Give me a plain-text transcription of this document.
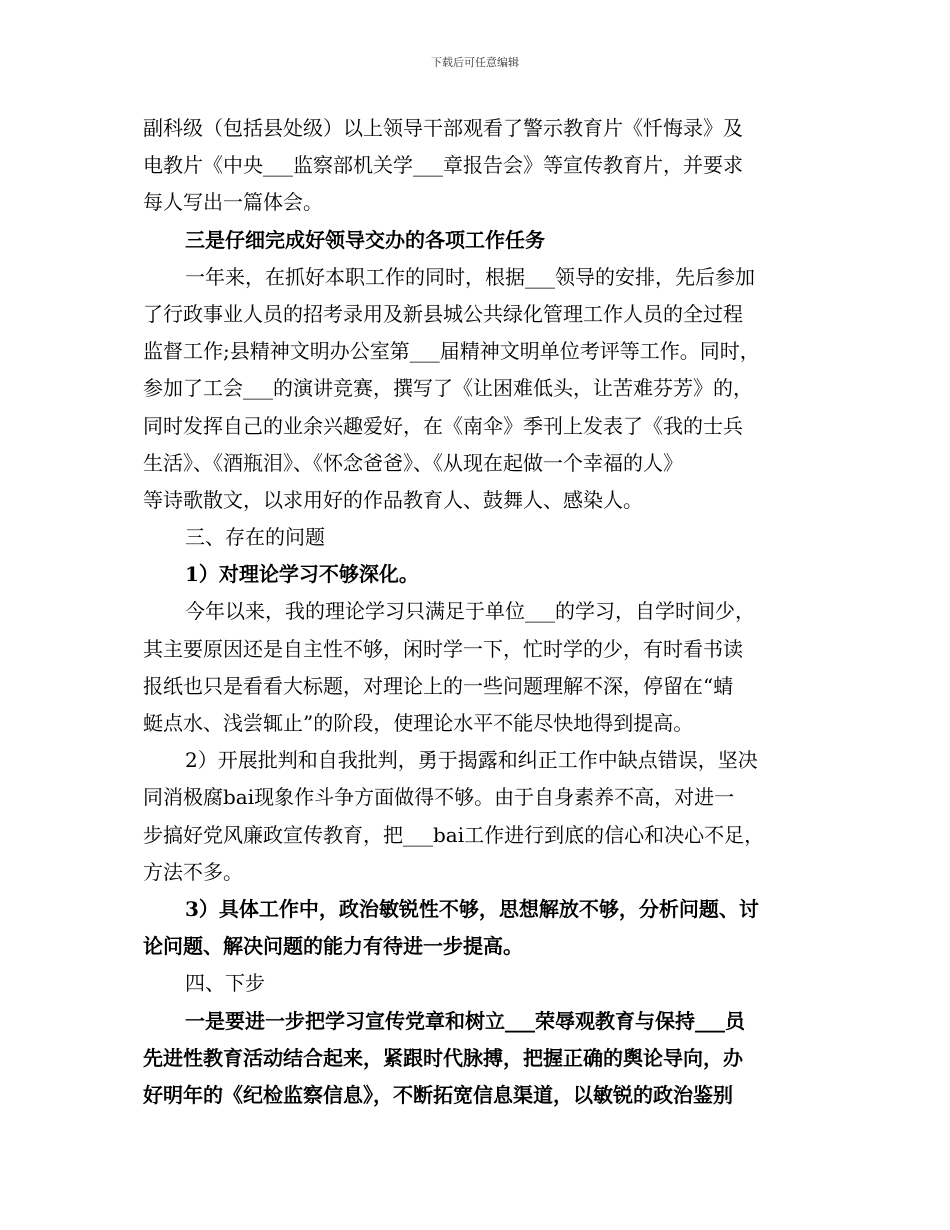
下载后可任意编辑
副科级（包括县处级）以上领导干部观看了警示教育片《忏悔录》及
电教片《中央___监察部机关学___章报告会》等宣传教育片，并要求
每人写出一篇体会。
三是仔细完成好领导交办的各项工作任务
一年来，在抓好本职工作的同时，根据___领导的安排，先后参加
了行政事业人员的招考录用及新县城公共绿化管理工作人员的全过程
监督工作;县精神文明办公室第___届精神文明单位考评等工作。同时，
参加了工会___的演讲竞赛，撰写了《让困难低头，让苦难芬芳》的，
同时发挥自己的业余兴趣爱好，在《南伞》季刊上发表了《我的士兵
生活》、《酒瓶泪》、《怀念爸爸》、《从现在起做一个幸福的人》
等诗歌散文，以求用好的作品教育人、鼓舞人、感染人。
三、存在的问题
1）对理论学习不够深化。
今年以来，我的理论学习只满足于单位___的学习，自学时间少，
其主要原因还是自主性不够，闲时学一下，忙时学的少，有时看书读
报纸也只是看看大标题，对理论上的一些问题理解不深，停留在“蜻
蜓点水、浅尝辄止”的阶段，使理论水平不能尽快地得到提高。
2）开展批判和自我批判，勇于揭露和纠正工作中缺点错误，坚决
同消极腐bai现象作斗争方面做得不够。由于自身素养不高，对进一
步搞好党风廉政宣传教育，把___bai工作进行到底的信心和决心不足，
方法不多。
3）具体工作中，政治敏锐性不够，思想解放不够，分析问题、讨
论问题、解决问题的能力有待进一步提高。
四、下步
一是要进一步把学习宣传党章和树立___荣辱观教育与保持___员
先进性教育活动结合起来，紧跟时代脉搏，把握正确的舆论导向，办
好明年的《纪检监察信息》，不断拓宽信息渠道，以敏锐的政治鉴别
